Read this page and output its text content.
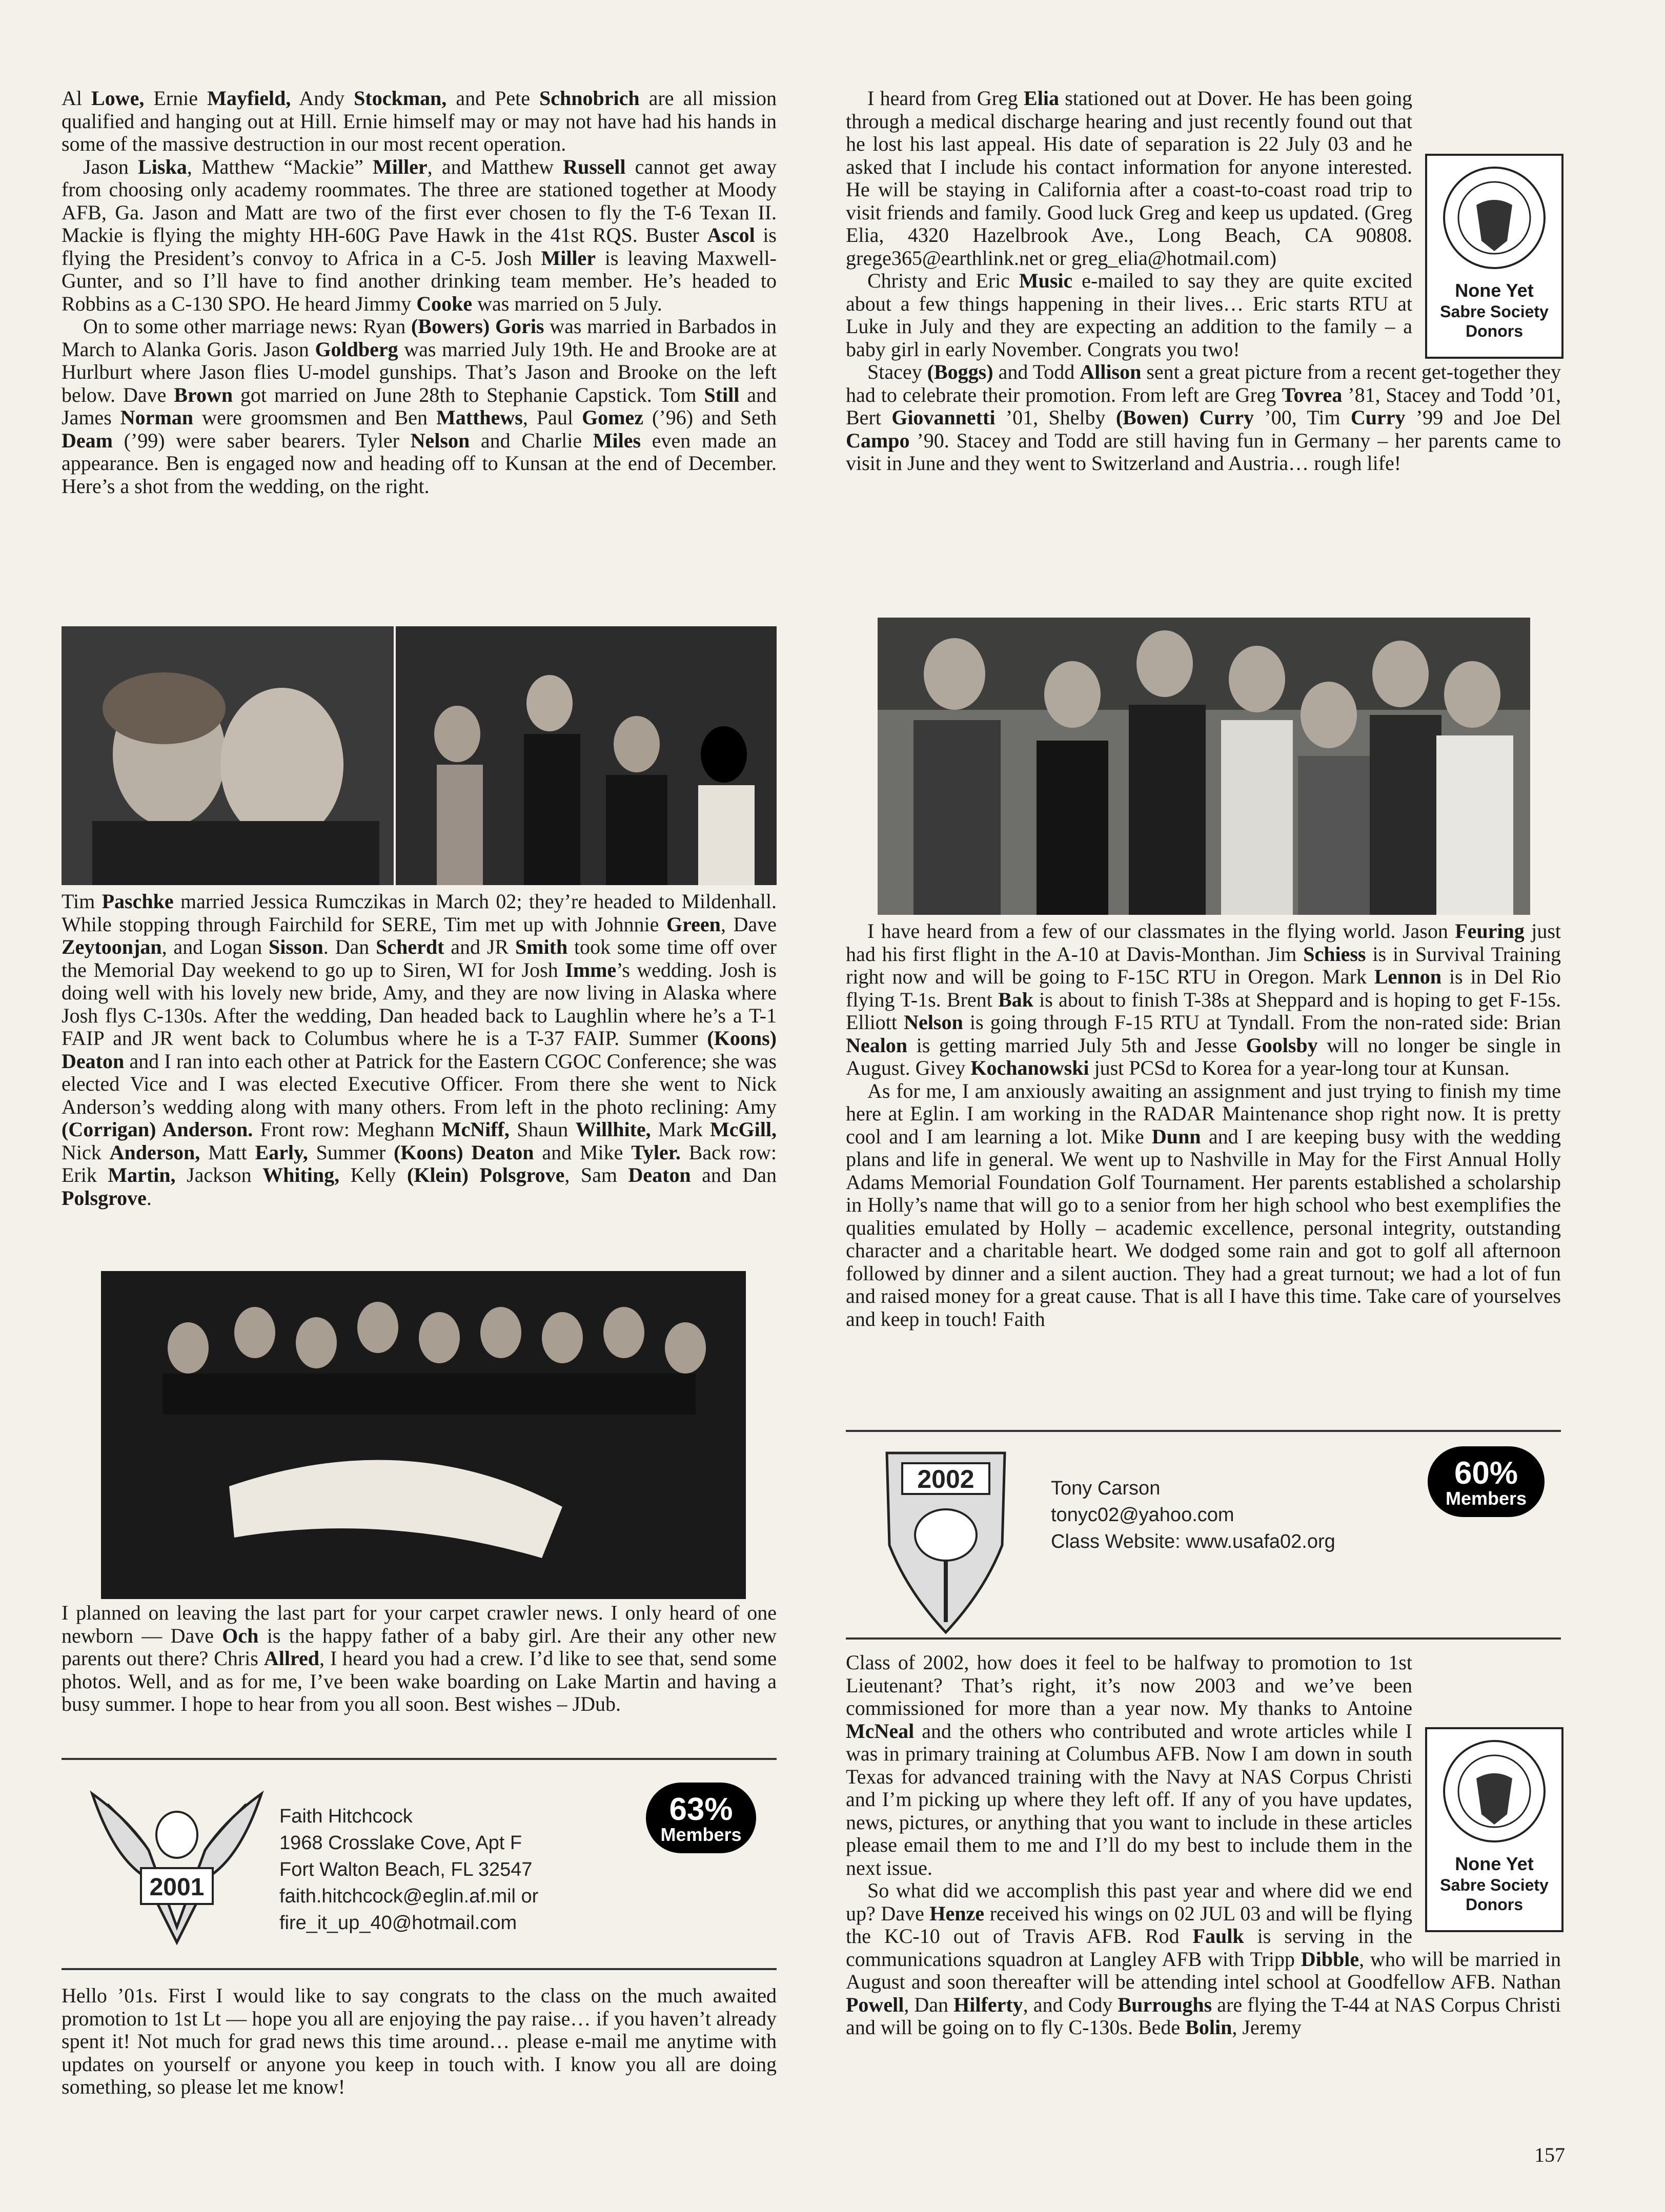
Al Lowe, Ernie Mayfield, Andy Stockman, and Pete Schnobrich are all mission qualified and hanging out at Hill. Ernie himself may or may not have had his hands in some of the massive destruction in our most recent operation.

Jason Liska, Matthew “Mackie” Miller, and Matthew Russell cannot get away from choosing only academy roommates. The three are stationed together at Moody AFB, Ga. Jason and Matt are two of the first ever chosen to fly the T-6 Texan II. Mackie is flying the mighty HH-60G Pave Hawk in the 41st RQS. Buster Ascol is flying the President’s convoy to Africa in a C-5. Josh Miller is leaving Maxwell-Gunter, and so I’ll have to find another drinking team member. He’s headed to Robbins as a C-130 SPO. He heard Jimmy Cooke was married on 5 July.

On to some other marriage news: Ryan (Bowers) Goris was married in Barbados in March to Alanka Goris. Jason Goldberg was married July 19th. He and Brooke are at Hurlburt where Jason flies U-model gunships. That’s Jason and Brooke on the left below. Dave Brown got married on June 28th to Stephanie Capstick. Tom Still and James Norman were groomsmen and Ben Matthews, Paul Gomez (’96) and Seth Deam (’99) were saber bearers. Tyler Nelson and Charlie Miles even made an appearance. Ben is engaged now and heading off to Kunsan at the end of December. Here’s a shot from the wedding, on the right.

Tim Paschke married Jessica Rumczikas in March 02; they’re headed to Mildenhall. While stopping through Fairchild for SERE, Tim met up with Johnnie Green, Dave Zeytoonjan, and Logan Sisson. Dan Scherdt and JR Smith took some time off over the Memorial Day weekend to go up to Siren, WI for Josh Imme’s wedding. Josh is doing well with his lovely new bride, Amy, and they are now living in Alaska where Josh flys C-130s. After the wedding, Dan headed back to Laughlin where he’s a T-1 FAIP and JR went back to Columbus where he is a T-37 FAIP. Summer (Koons) Deaton and I ran into each other at Patrick for the Eastern CGOC Conference; she was elected Vice and I was elected Executive Officer. From there she went to Nick Anderson’s wedding along with many others. From left in the photo reclining: Amy (Corrigan) Anderson. Front row: Meghann McNiff, Shaun Willhite, Mark McGill, Nick Anderson, Matt Early, Summer (Koons) Deaton and Mike Tyler. Back row: Erik Martin, Jackson Whiting, Kelly (Klein) Polsgrove, Sam Deaton and Dan Polsgrove.

I planned on leaving the last part for your carpet crawler news. I only heard of one newborn — Dave Och is the happy father of a baby girl. Are their any other new parents out there? Chris Allred, I heard you had a crew. I’d like to see that, send some photos. Well, and as for me, I’ve been wake boarding on Lake Martin and having a busy summer. I hope to hear from you all soon. Best wishes – JDub.

2001
Faith Hitchcock
1968 Crosslake Cove, Apt F
Fort Walton Beach, FL 32547
faith.hitchcock@eglin.af.mil or
fire_it_up_40@hotmail.com
63%
Members

Hello ’01s. First I would like to say congrats to the class on the much awaited promotion to 1st Lt — hope you all are enjoying the pay raise… if you haven’t already spent it! Not much for grad news this time around… please e-mail me anytime with updates on yourself or anyone you keep in touch with. I know you all are doing something, so please let me know!

I heard from Greg Elia stationed out at Dover. He has been going through a medical discharge hearing and just recently found out that he lost his last appeal. His date of separation is 22 July 03 and he asked that I include his contact information for anyone interested. He will be staying in California after a coast-to-coast road trip to visit friends and family. Good luck Greg and keep us updated. (Greg Elia, 4320 Hazelbrook Ave., Long Beach, CA 90808. grege365@earthlink.net or greg_elia@hotmail.com)

Christy and Eric Music e-mailed to say they are quite excited about a few things happening in their lives… Eric starts RTU at Luke in July and they are expecting an addition to the family – a baby girl in early November. Congrats you two!

Stacey (Boggs) and Todd Allison sent a great picture from a recent get-together they had to celebrate their promotion. From left are Greg Tovrea ’81, Stacey and Todd ’01, Bert Giovannetti ’01, Shelby (Bowen) Curry ’00, Tim Curry ’99 and Joe Del Campo ’90. Stacey and Todd are still having fun in Germany – her parents came to visit in June and they went to Switzerland and Austria… rough life!

None Yet
Sabre Society
Donors

I have heard from a few of our classmates in the flying world. Jason Feuring just had his first flight in the A-10 at Davis-Monthan. Jim Schiess is in Survival Training right now and will be going to F-15C RTU in Oregon. Mark Lennon is in Del Rio flying T-1s. Brent Bak is about to finish T-38s at Sheppard and is hoping to get F-15s. Elliott Nelson is going through F-15 RTU at Tyndall. From the non-rated side: Brian Nealon is getting married July 5th and Jesse Goolsby will no longer be single in August. Givey Kochanowski just PCSd to Korea for a year-long tour at Kunsan.

As for me, I am anxiously awaiting an assignment and just trying to finish my time here at Eglin. I am working in the RADAR Maintenance shop right now. It is pretty cool and I am learning a lot. Mike Dunn and I are keeping busy with the wedding plans and life in general. We went up to Nashville in May for the First Annual Holly Adams Memorial Foundation Golf Tournament. Her parents established a scholarship in Holly’s name that will go to a senior from her high school who best exemplifies the qualities emulated by Holly – academic excellence, personal integrity, outstanding character and a charitable heart. We dodged some rain and got to golf all afternoon followed by dinner and a silent auction. They had a great turnout; we had a lot of fun and raised money for a great cause. That is all I have this time. Take care of yourselves and keep in touch! Faith

2002	Tony Carson
tonyc02@yahoo.com
Class Website: www.usafa02.org
60%
Members

Class of 2002, how does it feel to be halfway to promotion to 1st Lieutenant? That’s right, it’s now 2003 and we’ve been commissioned for more than a year now. My thanks to Antoine McNeal and the others who contributed and wrote articles while I was in primary training at Columbus AFB. Now I am down in south Texas for advanced training with the Navy at NAS Corpus Christi and I’m picking up where they left off. If any of you have updates, news, pictures, or anything that you want to include in these articles please email them to me and I’ll do my best to include them in the next issue.

So what did we accomplish this past year and where did we end up? Dave Henze received his wings on 02 JUL 03 and will be flying the KC-10 out of Travis AFB. Rod Faulk is serving in the communications squadron at Langley AFB with Tripp Dibble, who will be married in August and soon thereafter will be attending intel school at Goodfellow AFB. Nathan Powell, Dan Hilferty, and Cody Burroughs are flying the T-44 at NAS Corpus Christi and will be going on to fly C-130s. Bede Bolin, Jeremy

None Yet
Sabre Society
Donors
157
